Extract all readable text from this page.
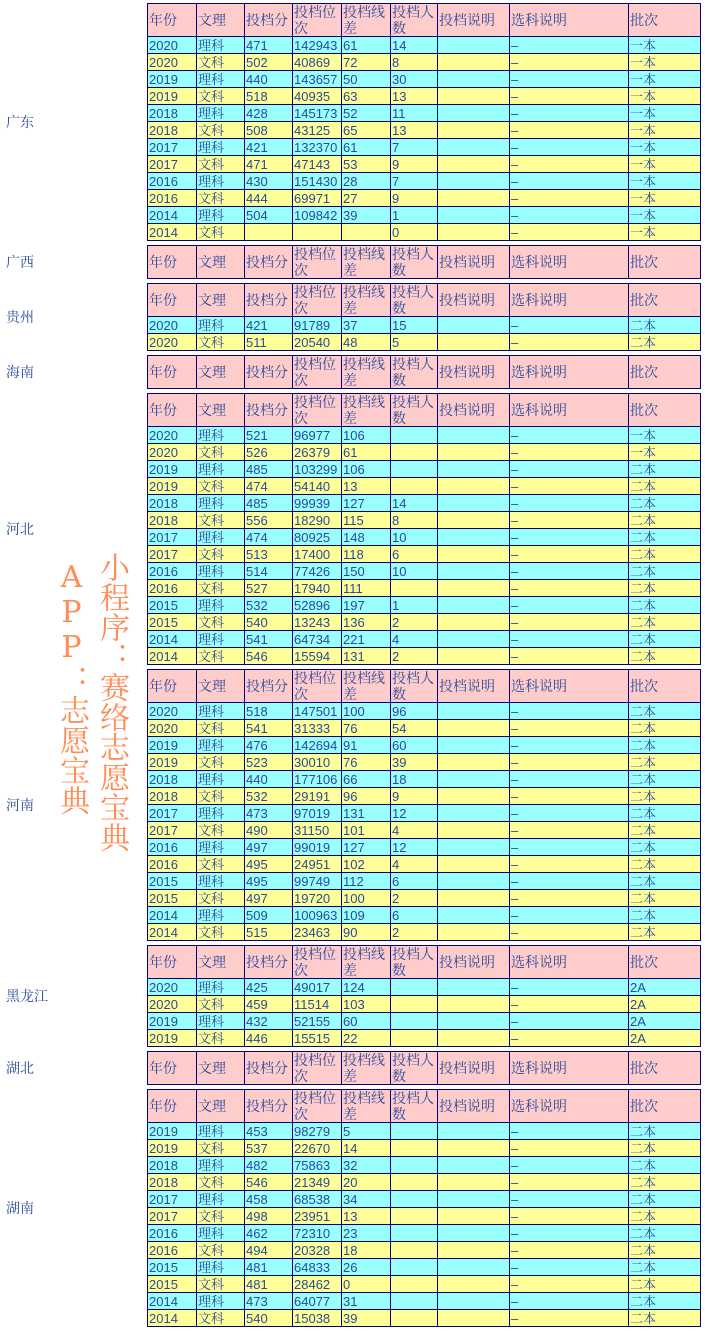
广东
年份	文理	投档分	投档位次	投档线差	投档人数	投档说明	选科说明	批次
2020	理科	471	142943	61	14		–	一本
2020	文科	502	40869	72	8		–	一本
2019	理科	440	143657	50	30		–	一本
2019	文科	518	40935	63	13		–	一本
2018	理科	428	145173	52	11		–	一本
2018	文科	508	43125	65	13		–	一本
2017	理科	421	132370	61	7		–	一本
2017	文科	471	47143	53	9		–	一本
2016	理科	430	151430	28	7		–	一本
2016	文科	444	69971	27	9		–	一本
2014	理科	504	109842	39	1		–	一本
2014	文科				0		–	一本
广西	年份	文理	投档分	投档位次	投档线差	投档人数	投档说明	选科说明	批次
贵州
年份	文理	投档分	投档位次	投档线差	投档人数	投档说明	选科说明	批次
2020	理科	421	91789	37	15		–	二本
2020	文科	511	20540	48	5		–	二本
海南	年份	文理	投档分	投档位次	投档线差	投档人数	投档说明	选科说明	批次
河北
年份	文理	投档分	投档位次	投档线差	投档人数	投档说明	选科说明	批次
2020	理科	521	96977	106			–	一本
2020	文科	526	26379	61			–	一本
2019	理科	485	103299	106			–	二本
2019	文科	474	54140	13			–	二本
2018	理科	485	99939	127	14		–	二本
2018	文科	556	18290	115	8		–	二本
2017	理科	474	80925	148	10		–	二本
2017	文科	513	17400	118	6		–	二本
2016	理科	514	77426	150	10		–	二本
2016	文科	527	17940	111			–	二本
2015	理科	532	52896	197	1		–	二本
2015	文科	540	13243	136	2		–	二本
2014	理科	541	64734	221	4		–	二本
2014	文科	546	15594	131	2		–	二本
河南
年份	文理	投档分	投档位次	投档线差	投档人数	投档说明	选科说明	批次
2020	理科	518	147501	100	96		–	二本
2020	文科	541	31333	76	54		–	二本
2019	理科	476	142694	91	60		–	二本
2019	文科	523	30010	76	39		–	二本
2018	理科	440	177106	66	18		–	二本
2018	文科	532	29191	96	9		–	二本
2017	理科	473	97019	131	12		–	二本
2017	文科	490	31150	101	4		–	二本
2016	理科	497	99019	127	12		–	二本
2016	文科	495	24951	102	4		–	二本
2015	理科	495	99749	112	6		–	二本
2015	文科	497	19720	100	2		–	二本
2014	理科	509	100963	109	6		–	二本
2014	文科	515	23463	90	2		–	二本
黑龙江
年份	文理	投档分	投档位次	投档线差	投档人数	投档说明	选科说明	批次
2020	理科	425	49017	124			–	2A
2020	文科	459	11514	103			–	2A
2019	理科	432	52155	60			–	2A
2019	文科	446	15515	22			–	2A
湖北	年份	文理	投档分	投档位次	投档线差	投档人数	投档说明	选科说明	批次
湖南
年份	文理	投档分	投档位次	投档线差	投档人数	投档说明	选科说明	批次
2019	理科	453	98279	5			–	二本
2019	文科	537	22670	14			–	二本
2018	理科	482	75863	32			–	二本
2018	文科	546	21349	20			–	二本
2017	理科	458	68538	34			–	二本
2017	文科	498	23951	13			–	二本
2016	理科	462	72310	23			–	二本
2016	文科	494	20328	18			–	二本
2015	理科	481	64833	26			–	二本
2015	文科	481	28462	0			–	二本
2014	理科	473	64077	31			–	二本
2014	文科	540	15038	39			–	二本
小程序：赛络志愿宝典
APP：志愿宝典
